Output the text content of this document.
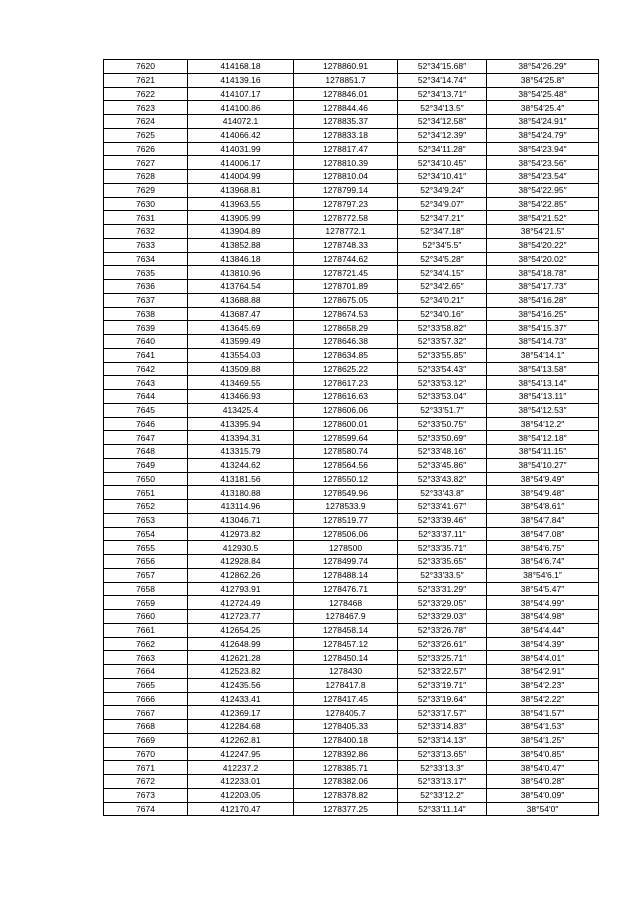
7620	414168.18	1278860.91	52°34′15.68″	38°54′26.29″
7621	414139.16	1278851.7	52°34′14.74″	38°54′25.8″
7622	414107.17	1278846.01	52°34′13.71″	38°54′25.48″
7623	414100.86	1278844.46	52°34′13.5″	38°54′25.4″
7624	414072.1	1278835.37	52°34′12.58″	38°54′24.91″
7625	414066.42	1278833.18	52°34′12.39″	38°54′24.79″
7626	414031.99	1278817.47	52°34′11.28″	38°54′23.94″
7627	414006.17	1278810.39	52°34′10.45″	38°54′23.56″
7628	414004.99	1278810.04	52°34′10.41″	38°54′23.54″
7629	413968.81	1278799.14	52°34′9.24″	38°54′22.95″
7630	413963.55	1278797.23	52°34′9.07″	38°54′22.85″
7631	413905.99	1278772.58	52°34′7.21″	38°54′21.52″
7632	413904.89	1278772.1	52°34′7.18″	38°54′21.5″
7633	413852.88	1278748.33	52°34′5.5″	38°54′20.22″
7634	413846.18	1278744.62	52°34′5.28″	38°54′20.02″
7635	413810.96	1278721.45	52°34′4.15″	38°54′18.78″
7636	413764.54	1278701.89	52°34′2.65″	38°54′17.73″
7637	413688.88	1278675.05	52°34′0.21″	38°54′16.28″
7638	413687.47	1278674.53	52°34′0.16″	38°54′16.25″
7639	413645.69	1278658.29	52°33′58.82″	38°54′15.37″
7640	413599.49	1278646.38	52°33′57.32″	38°54′14.73″
7641	413554.03	1278634.85	52°33′55.85″	38°54′14.1″
7642	413509.88	1278625.22	52°33′54.43″	38°54′13.58″
7643	413469.55	1278617.23	52°33′53.12″	38°54′13.14″
7644	413466.93	1278616.63	52°33′53.04″	38°54′13.11″
7645	413425.4	1278606.06	52°33′51.7″	38°54′12.53″
7646	413395.94	1278600.01	52°33′50.75″	38°54′12.2″
7647	413394.31	1278599.64	52°33′50.69″	38°54′12.18″
7648	413315.79	1278580.74	52°33′48.16″	38°54′11.15″
7649	413244.62	1278564.56	52°33′45.86″	38°54′10.27″
7650	413181.56	1278550.12	52°33′43.82″	38°54′9.49″
7651	413180.88	1278549.96	52°33′43.8″	38°54′9.48″
7652	413114.96	1278533.9	52°33′41.67″	38°54′8.61″
7653	413046.71	1278519.77	52°33′39.46″	38°54′7.84″
7654	412973.82	1278506.06	52°33′37.11″	38°54′7.08″
7655	412930.5	1278500	52°33′35.71″	38°54′6.75″
7656	412928.84	1278499.74	52°33′35.65″	38°54′6.74″
7657	412862.26	1278488.14	52°33′33.5″	38°54′6.1″
7658	412793.91	1278476.71	52°33′31.29″	38°54′5.47″
7659	412724.49	1278468	52°33′29.05″	38°54′4.99″
7660	412723.77	1278467.9	52°33′29.03″	38°54′4.98″
7661	412654.25	1278458.14	52°33′26.78″	38°54′4.44″
7662	412648.99	1278457.12	52°33′26.61″	38°54′4.39″
7663	412621.28	1278450.14	52°33′25.71″	38°54′4.01″
7664	412523.82	1278430	52°33′22.57″	38°54′2.91″
7665	412435.56	1278417.8	52°33′19.71″	38°54′2.23″
7666	412433.41	1278417.45	52°33′19.64″	38°54′2.22″
7667	412369.17	1278405.7	52°33′17.57″	38°54′1.57″
7668	412284.68	1278405.33	52°33′14.83″	38°54′1.53″
7669	412262.81	1278400.18	52°33′14.13″	38°54′1.25″
7670	412247.95	1278392.86	52°33′13.65″	38°54′0.85″
7671	412237.2	1278385.71	52°33′13.3″	38°54′0.47″
7672	412233.01	1278382.06	52°33′13.17″	38°54′0.28″
7673	412203.05	1278378.82	52°33′12.2″	38°54′0.09″
7674	412170.47	1278377.25	52°33′11.14″	38°54′0″
